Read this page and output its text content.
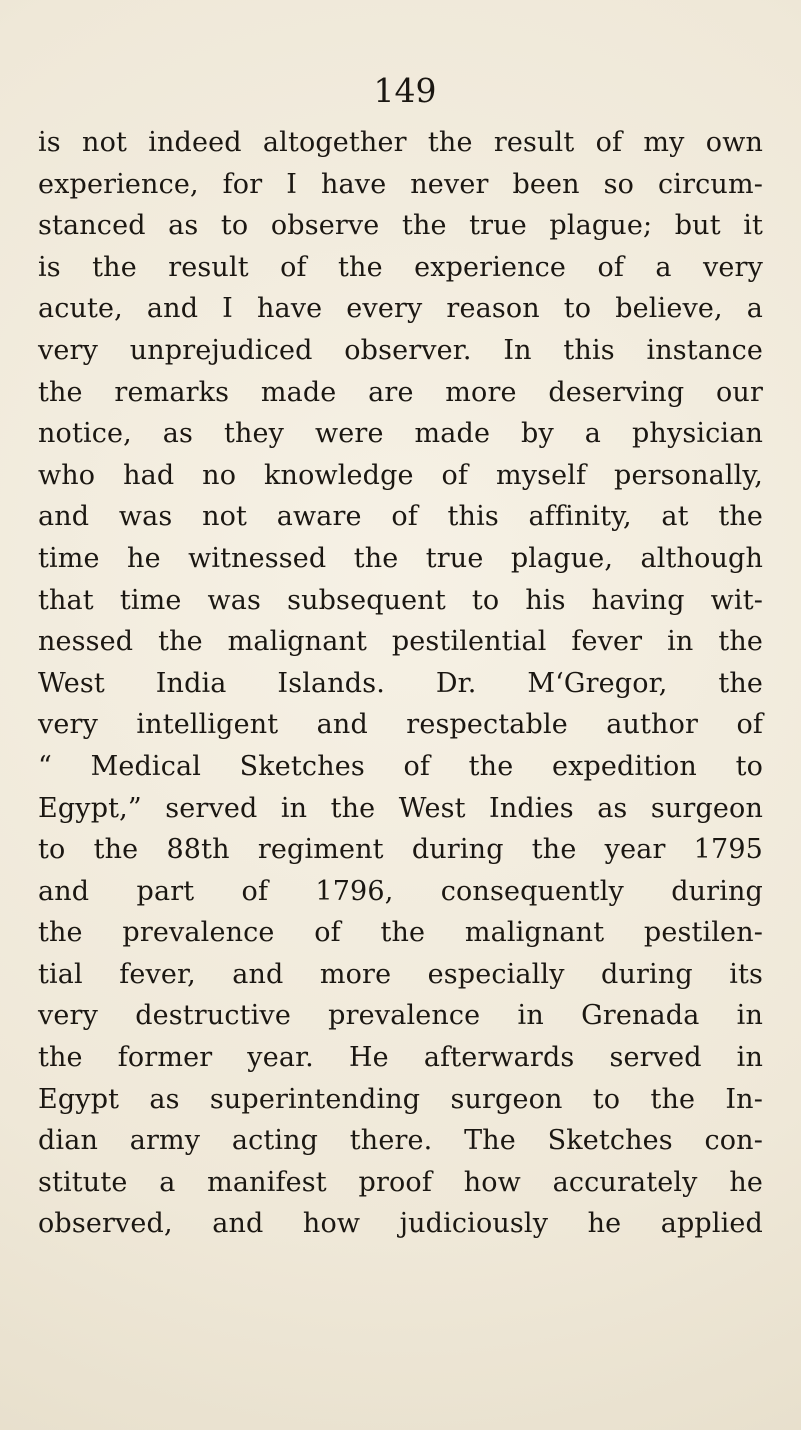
149
is not indeed altogether the result of my own
experience, for I have never been so circum-
stanced as to observe the true plague; but it
is the result of the experience of a very
acute, and I have every reason to believe, a
very unprejudiced observer. In this instance
the remarks made are more deserving our
notice, as they were made by a physician
who had no knowledge of myself personally,
and was not aware of this affinity, at the
time he witnessed the true plague, although
that time was subsequent to his having wit-
nessed the malignant pestilential fever in the
West India Islands. Dr. M‘Gregor, the
very intelligent and respectable author of
“ Medical Sketches of the expedition to
Egypt,” served in the West Indies as surgeon
to the 88th regiment during the year 1795
and part of 1796, consequently during
the prevalence of the malignant pestilen-
tial fever, and more especially during its
very destructive prevalence in Grenada in
the former year. He afterwards served in
Egypt as superintending surgeon to the In-
dian army acting there. The Sketches con-
stitute a manifest proof how accurately he
observed, and how judiciously he applied
